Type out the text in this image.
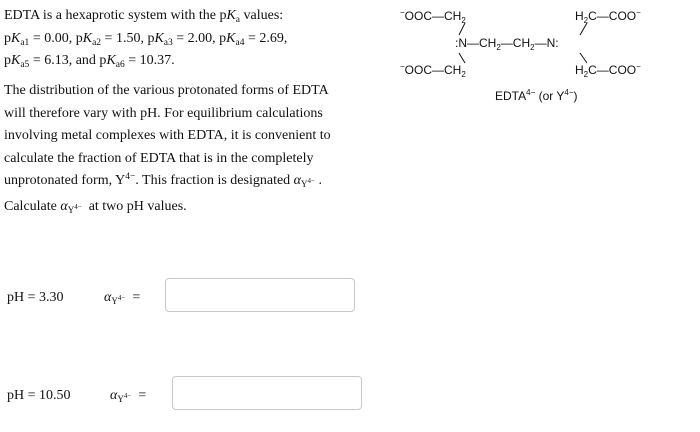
EDTA is a hexaprotic system with the $pK_a$ values:
$pK_{a1} = 0.00$, $pK_{a2} = 1.50$, $pK_{a3} = 2.00$, $pK_{a4} = 2.69$,
$pK_{a5} = 6.13$, and $pK_{a6} = 10.37$.
The distribution of the various protonated forms of EDTA
will therefore vary with pH. For equilibrium calculations
involving metal complexes with EDTA, it is convenient to
calculate the fraction of EDTA that is in the completely
unprotonated form, $Y^{4-}$. This fraction is designated $\alpha_{Y^{4-}}$ .
Calculate $\alpha_{Y^{4-}}$  at two pH values.
$^-OOC—CH_2$	$H_2C—COO^-$
$:N—CH_2—CH_2—N$:
$^-OOC—CH_2$	$H_2C—COO^-$
$EDTA^{4-}$ (or $Y^{4-}$)
pH = 3.30	$\alpha_{Y^{4-}}$  =
pH = 10.50	$\alpha_{Y^{4-}}$  =
